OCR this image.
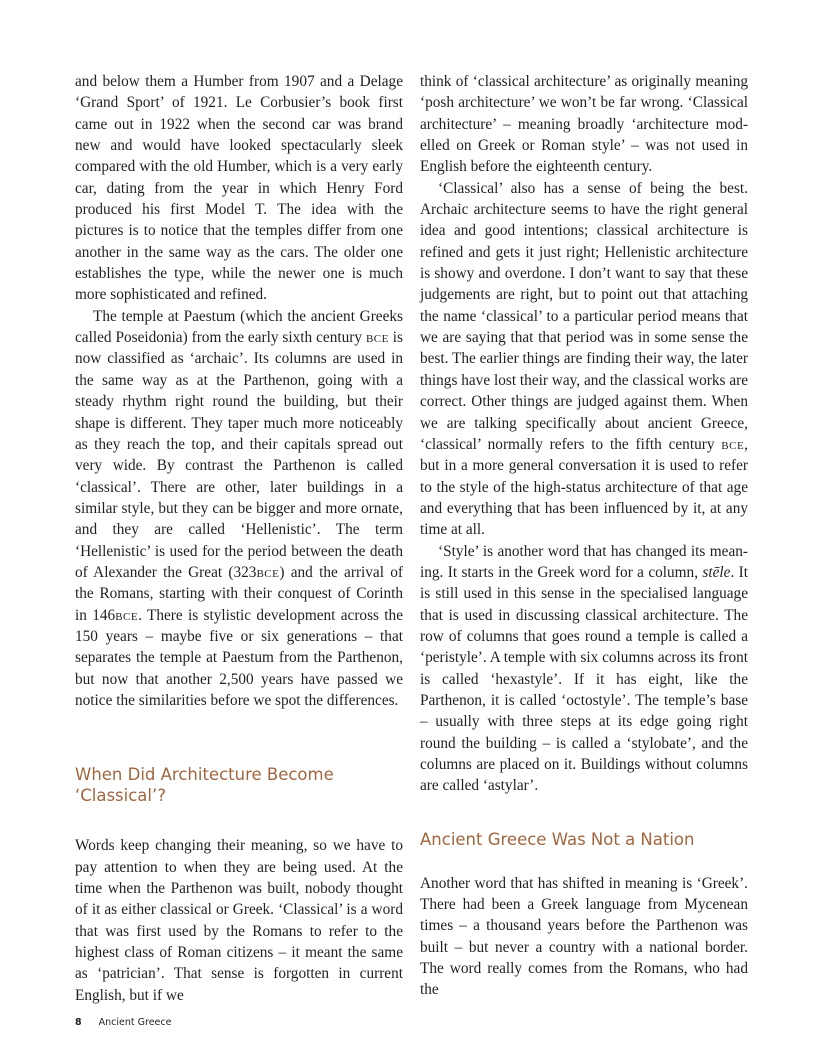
and below them a Humber from 1907 and a Delage ‘Grand Sport’ of 1921. Le Corbusier’s book first came out in 1922 when the second car was brand new and would have looked spectacularly sleek compared with the old Humber, which is a very early car, dating from the year in which Henry Ford produced his first Model T. The idea with the pictures is to notice that the temples differ from one another in the same way as the cars. The older one establishes the type, while the newer one is much more sophisticated and refined.

The temple at Paestum (which the ancient Greeks called Poseidonia) from the early sixth century bce is now classified as ‘archaic’. Its columns are used in the same way as at the Parthenon, going with a steady rhythm right round the building, but their shape is different. They taper much more noticeably as they reach the top, and their capitals spread out very wide. By contrast the Parthenon is called ‘classical’. There are other, later buildings in a similar style, but they can be bigger and more ornate, and they are called ‘Hellenistic’. The term ‘Hellenistic’ is used for the period between the death of Alexander the Great (323bce) and the arrival of the Romans, starting with their conquest of Corinth in 146bce. There is stylistic development across the 150 years – maybe five or six generations – that separates the temple at Paestum from the Parthenon, but now that another 2,500 years have passed we notice the similarities before we spot the differences.

When Did Architecture Become ‘Classical’?

Words keep changing their meaning, so we have to pay attention to when they are being used. At the time when the Parthenon was built, nobody thought of it as either classical or Greek. ‘Classical’ is a word that was first used by the Romans to refer to the highest class of Roman citizens – it meant the same as ‘patrician’. That sense is forgotten in current English, but if we

think of ‘classical architecture’ as originally meaning ‘posh architecture’ we won’t be far wrong. ‘Classical architecture’ – meaning broadly ‘architecture modelled on Greek or Roman style’ – was not used in English before the eighteenth century.

‘Classical’ also has a sense of being the best. Archaic architecture seems to have the right general idea and good intentions; classical architecture is refined and gets it just right; Hellenistic architecture is showy and overdone. I don’t want to say that these judgements are right, but to point out that attaching the name ‘classical’ to a particular period means that we are saying that that period was in some sense the best. The earlier things are finding their way, the later things have lost their way, and the classical works are correct. Other things are judged against them. When we are talking specifically about ancient Greece, ‘classical’ normally refers to the fifth century bce, but in a more general conversation it is used to refer to the style of the high-status architecture of that age and everything that has been influenced by it, at any time at all.

‘Style’ is another word that has changed its meaning. It starts in the Greek word for a column, stēle. It is still used in this sense in the specialised language that is used in discussing classical architecture. The row of columns that goes round a temple is called a ‘peristyle’. A temple with six columns across its front is called ‘hexastyle’. If it has eight, like the Parthenon, it is called ‘octostyle’. The temple’s base – usually with three steps at its edge going right round the building – is called a ‘stylobate’, and the columns are placed on it. Buildings without columns are called ‘astylar’.

Ancient Greece Was Not a Nation

Another word that has shifted in meaning is ‘Greek’. There had been a Greek language from Mycenean times – a thousand years before the Parthenon was built – but never a country with a national border. The word really comes from the Romans, who had the

8 Ancient Greece
